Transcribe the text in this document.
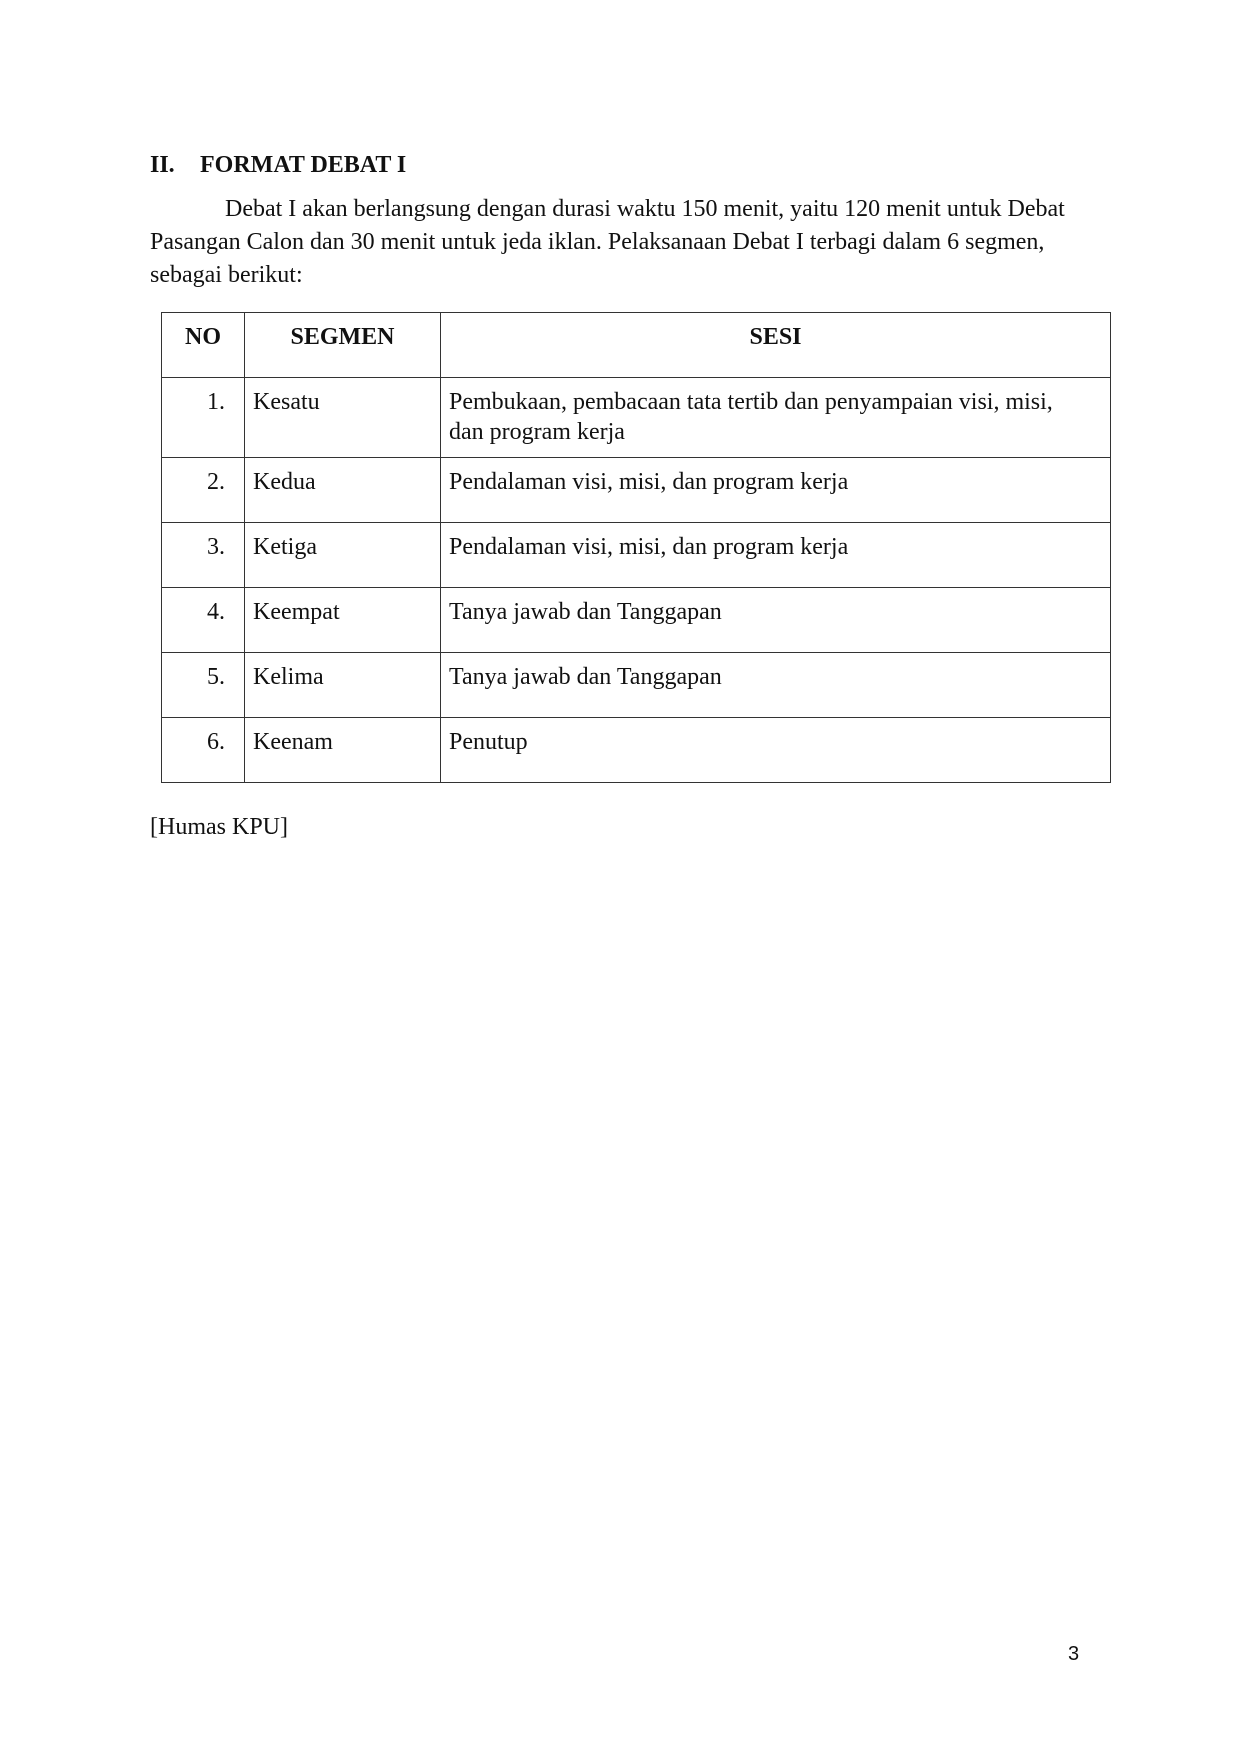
II. FORMAT DEBAT I

Debat I akan berlangsung dengan durasi waktu 150 menit, yaitu 120 menit untuk Debat
Pasangan Calon dan 30 menit untuk jeda iklan. Pelaksanaan Debat I terbagi dalam 6 segmen,
sebagai berikut:

NO	SEGMEN	SESI
1.	Kesatu	Pembukaan, pembacaan tata tertib dan penyampaian visi, misi,
dan program kerja
2.	Kedua	Pendalaman visi, misi, dan program kerja
3.	Ketiga	Pendalaman visi, misi, dan program kerja
4.	Keempat	Tanya jawab dan Tanggapan
5.	Kelima	Tanya jawab dan Tanggapan
6.	Keenam	Penutup
[Humas KPU]
3
